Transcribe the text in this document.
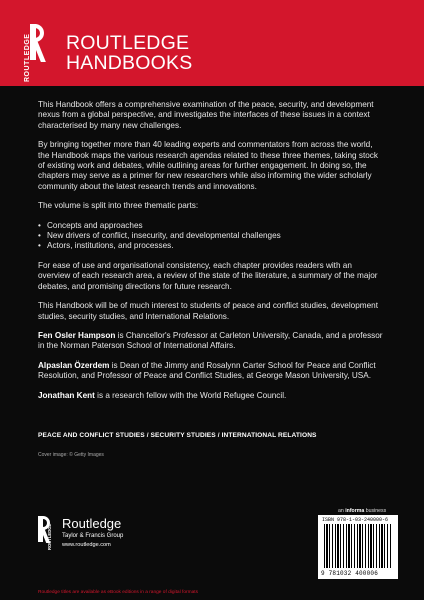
ROUTLEDGE ROUTLEDGE
HANDBOOKS

This Handbook offers a comprehensive examination of the peace, security, and development nexus from a global perspective, and investigates the interfaces of these issues in a context characterised by many new challenges.

By bringing together more than 40 leading experts and commentators from across the world, the Handbook maps the various research agendas related to these three themes, taking stock of existing work and debates, while outlining areas for further engagement. In doing so, the chapters may serve as a primer for new researchers while also informing the wider scholarly community about the latest research trends and innovations.

The volume is split into three thematic parts:

• Concepts and approaches
• New drivers of conflict, insecurity, and developmental challenges
• Actors, institutions, and processes.

For ease of use and organisational consistency, each chapter provides readers with an overview of each research area, a review of the state of the literature, a summary of the major debates, and promising directions for future research.

This Handbook will be of much interest to students of peace and conflict studies, development studies, security studies, and International Relations.

Fen Osler Hampson is Chancellor's Professor at Carleton University, Canada, and a professor in the Norman Paterson School of International Affairs.

Alpaslan Özerdem is Dean of the Jimmy and Rosalynn Carter School for Peace and Conflict Resolution, and Professor of Peace and Conflict Studies, at George Mason University, USA.

Jonathan Kent is a research fellow with the World Refugee Council.

PEACE AND CONFLICT STUDIES / SECURITY STUDIES / INTERNATIONAL RELATIONS
Cover image: © Getty Images
an informa business
ISBN 978-1-03-240000-6
9 781032 400006
ROUTLEDGE
Routledge
Taylor & Francis Group
www.routledge.com
Routledge titles are available as eBook editions in a range of digital formats
